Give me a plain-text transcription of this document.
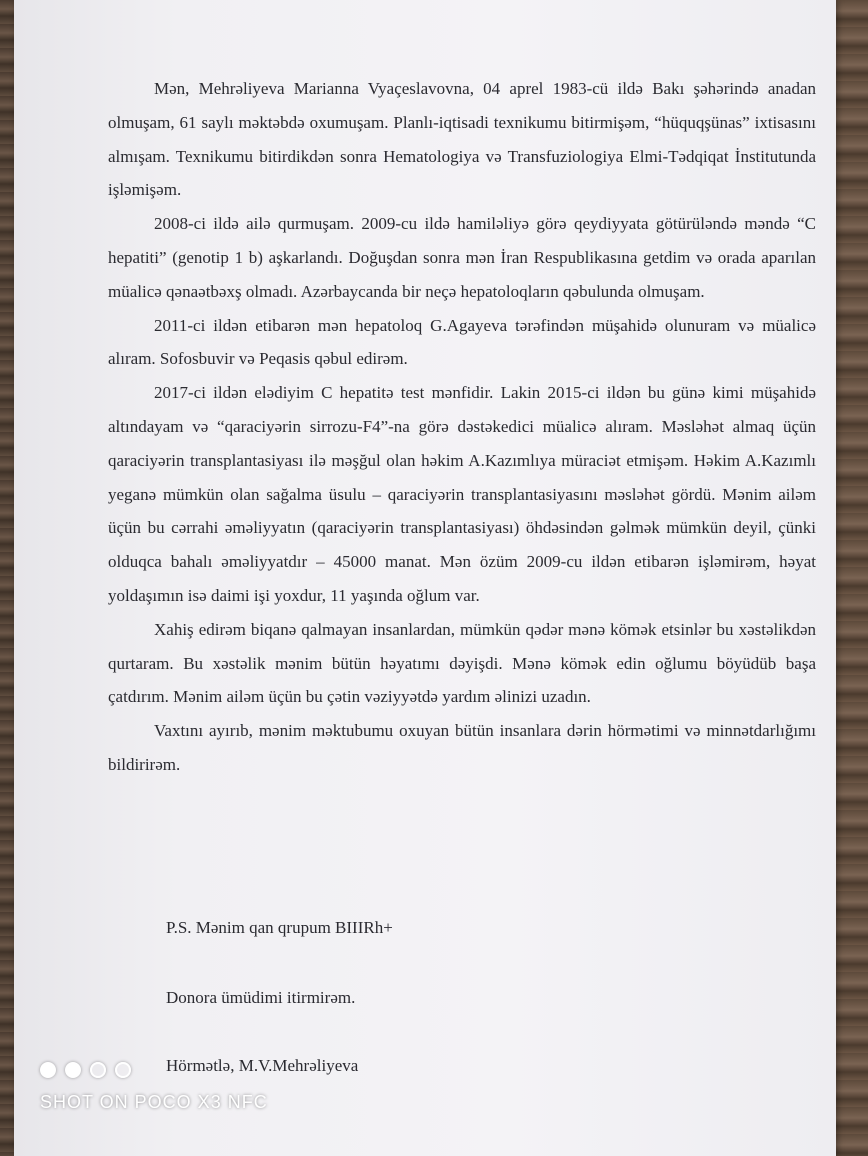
Mən, Mehrəliyeva Marianna Vyaçeslavovna, 04 aprel 1983-cü ildə Bakı şəhərində anadan olmuşam, 61 saylı məktəbdə oxumuşam. Planlı-iqtisadi texnikumu bitirmişəm, “hüquqşünas” ixtisasını almışam. Texnikumu bitirdikdən sonra Hematologiya və Transfuziologiya Elmi-Tədqiqat İnstitutunda işləmişəm.

2008-ci ildə ailə qurmuşam. 2009-cu ildə hamiləliyə görə qeydiyyata götürüləndə məndə “C hepatiti” (genotip 1 b) aşkarlandı. Doğuşdan sonra mən İran Respublikasına getdim və orada aparılan müalicə qənaətbəxş olmadı. Azərbaycanda bir neçə hepatoloqların qəbulunda olmuşam.

2011-ci ildən etibarən mən hepatoloq G.Agayeva tərəfindən müşahidə olunuram və müalicə alıram. Sofosbuvir və Peqasis qəbul edirəm.

2017-ci ildən elədiyim C hepatitə test mənfidir. Lakin 2015-ci ildən bu günə kimi müşahidə altındayam və “qaraciyərin sirrozu-F4”-na görə dəstəkedici müalicə alıram. Məsləhət almaq üçün qaraciyərin transplantasiyası ilə məşğul olan həkim A.Kazımlıya müraciət etmişəm. Həkim A.Kazımlı yeganə mümkün olan sağalma üsulu – qaraciyərin transplantasiyasını məsləhət gördü. Mənim ailəm üçün bu cərrahi əməliyyatın (qaraciyərin transplantasiyası) öhdəsindən gəlmək mümkün deyil, çünki olduqca bahalı əməliyyatdır – 45000 manat. Mən özüm 2009-cu ildən etibarən işləmirəm, həyat yoldaşımın isə daimi işi yoxdur, 11 yaşında oğlum var.

Xahiş edirəm biqanə qalmayan insanlardan, mümkün qədər mənə kömək etsinlər bu xəstəlikdən qurtaram. Bu xəstəlik mənim bütün həyatımı dəyişdi. Mənə kömək edin oğlumu böyüdüb başa çatdırım. Mənim ailəm üçün bu çətin vəziyyətdə yardım əlinizi uzadın.

Vaxtını ayırıb, mənim məktubumu oxuyan bütün insanlara dərin hörmətimi və minnətdarlığımı bildirirəm.

P.S. Mənim qan qrupum BIIIRh+
Donora ümüdimi itirmirəm.
Hörmətlə, M.V.Mehrəliyeva
SHOT ON POCO X3 NFC
